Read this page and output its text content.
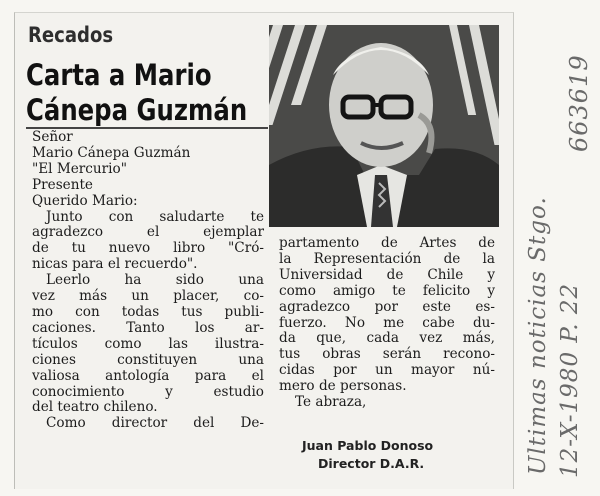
Recados
Carta a Mario
Cánepa Guzmán
Señor
Mario Cánepa Guzmán
"El Mercurio"
Presente
Querido Mario:
Junto con saludarte te
agradezco el ejemplar
de tu nuevo libro "Cró-
nicas para el recuerdo".
Leerlo ha sido una
vez más un placer, co-
mo con todas tus publi-
caciones. Tanto los ar-
tículos como las ilustra-
ciones constituyen una
valiosa antología para el
conocimiento y estudio
del teatro chileno.
Como director del De-
partamento de Artes de
la Representación de la
Universidad de Chile y
como amigo te felicito y
agradezco por este es-
fuerzo. No me cabe du-
da que, cada vez más,
tus obras serán recono-
cidas por un mayor nú-
mero de personas.
Te abraza,
Juan Pablo Donoso
Director D.A.R.	Ultimas noticias Stgo. 12-X-1980 P. 22
663619
